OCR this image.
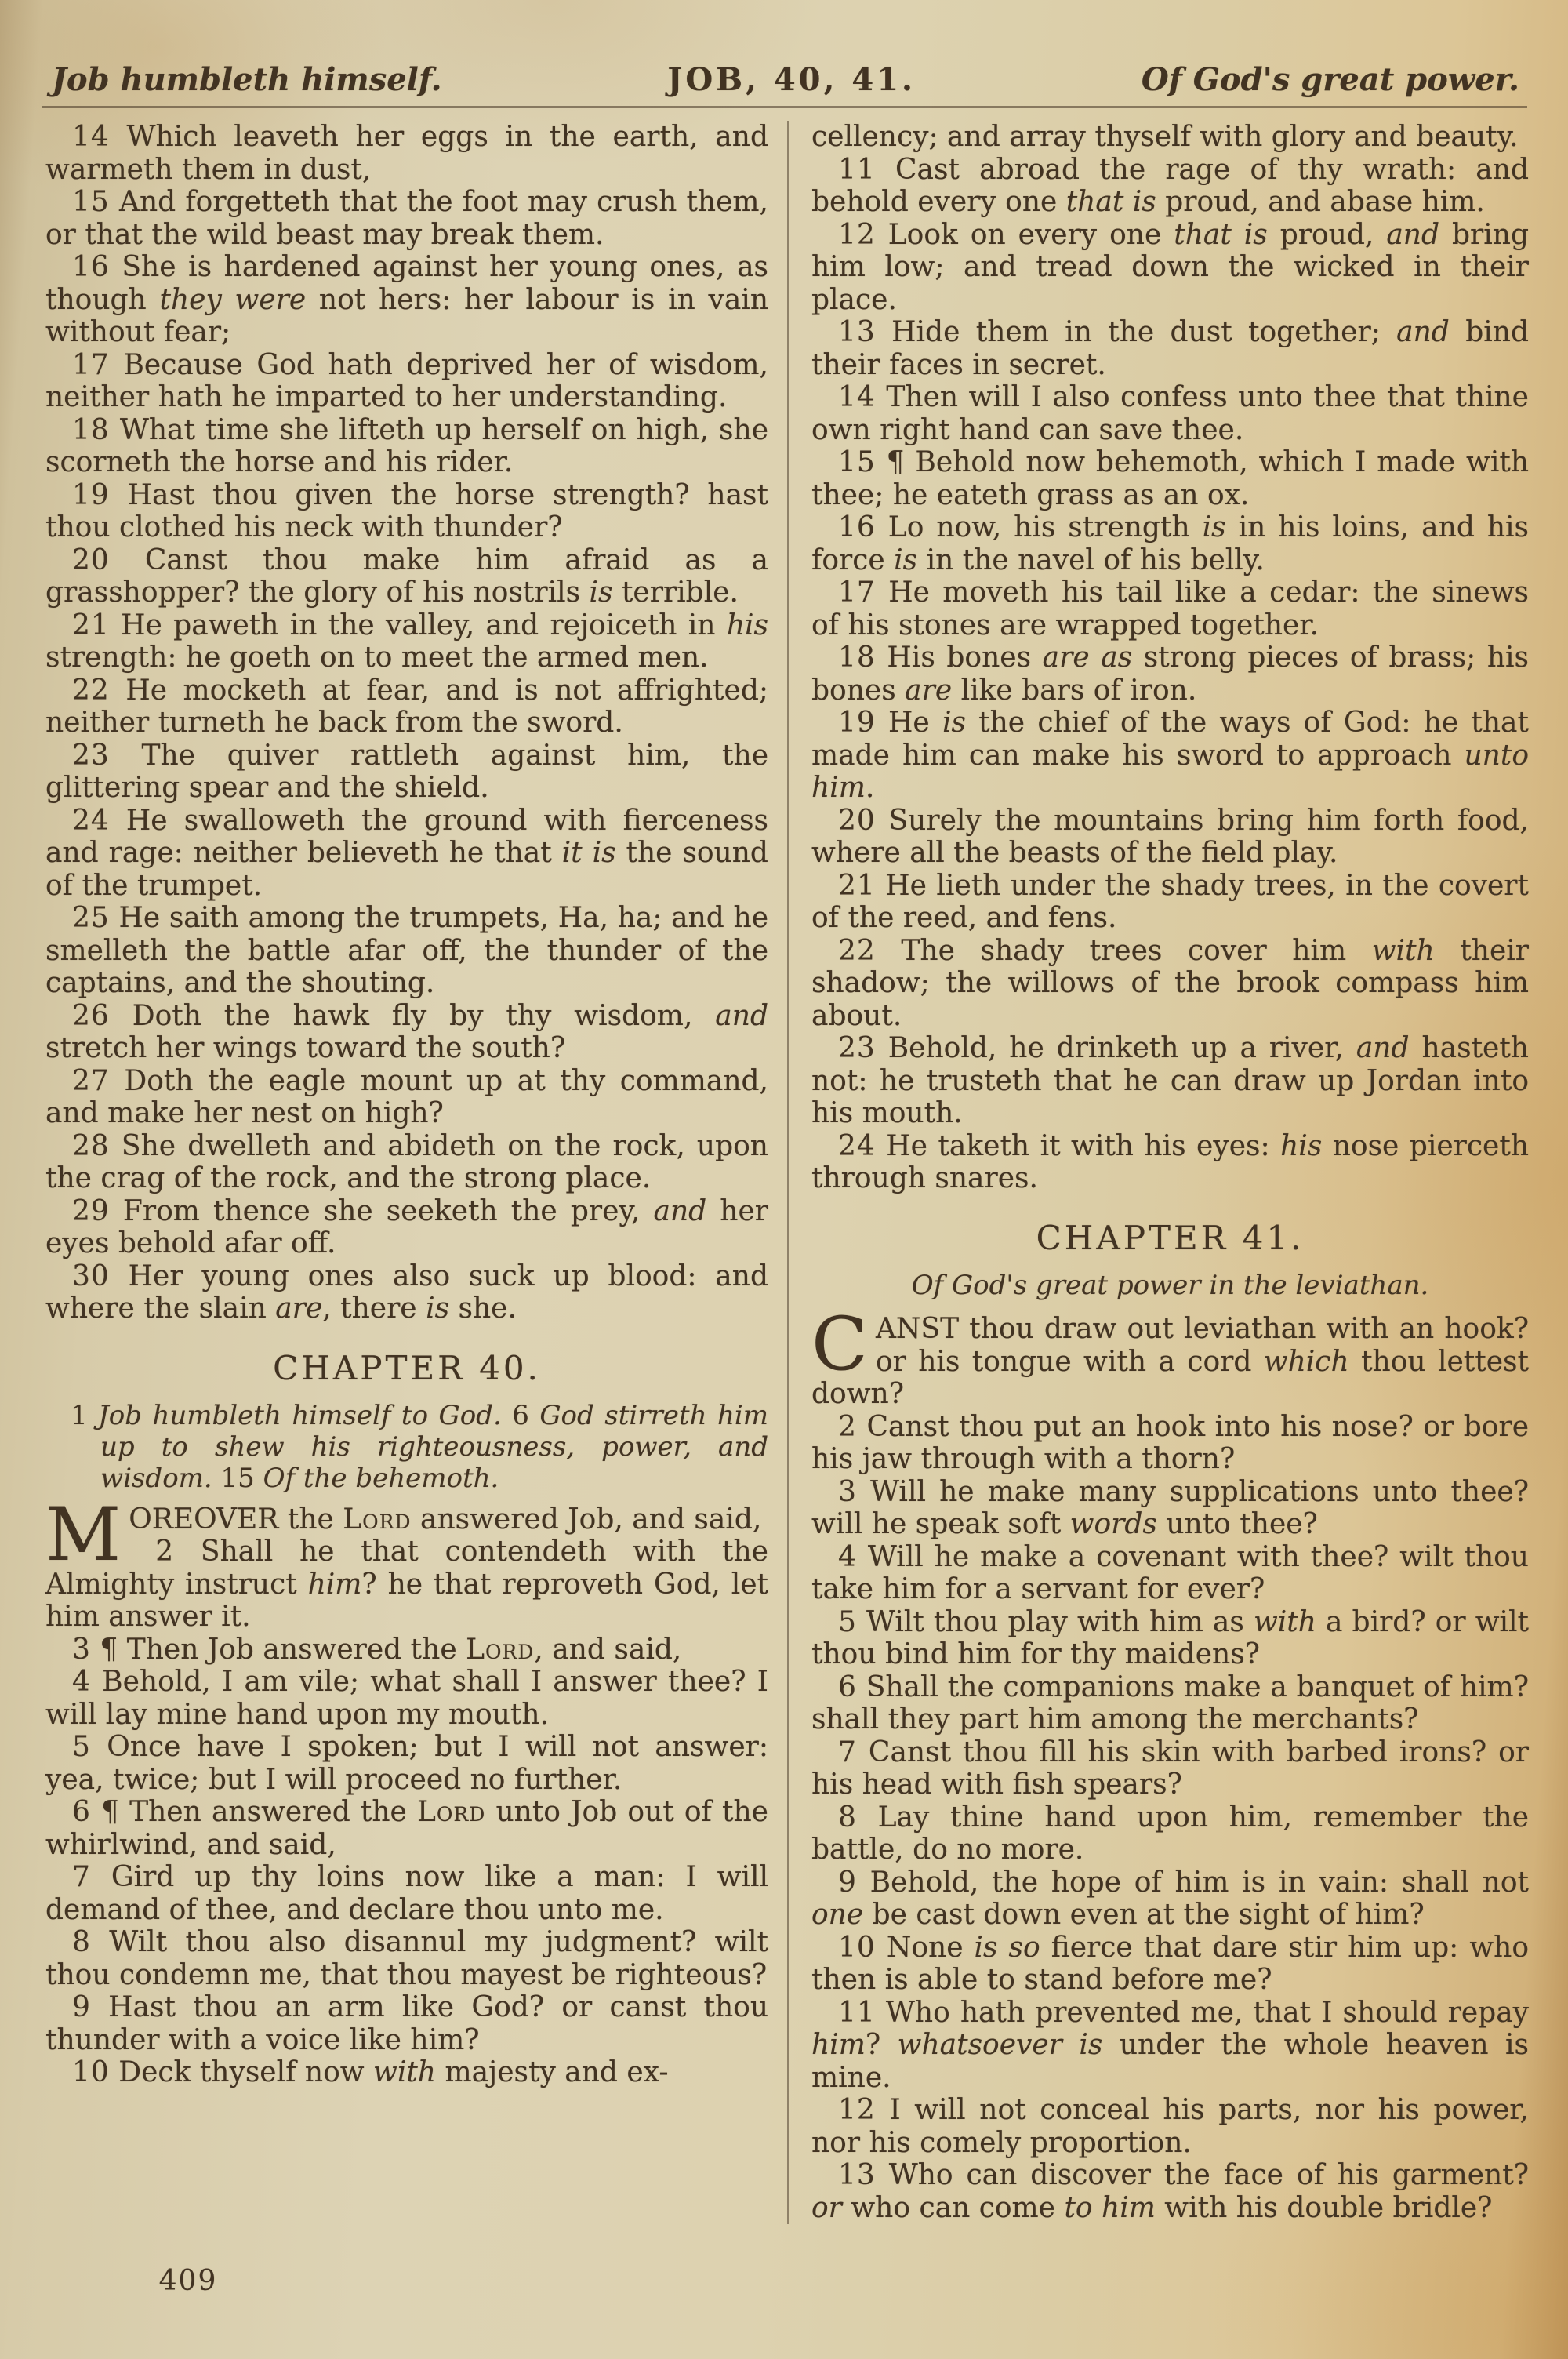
Job humbleth himself.	JOB, 40, 41.	Of God's great power.

14 Which leaveth her eggs in the earth, and warmeth them in dust,

15 And forgetteth that the foot may crush them, or that the wild beast may break them.

16 She is hardened against her young ones, as though they were not hers: her labour is in vain without fear;

17 Because God hath deprived her of wisdom, neither hath he imparted to her understanding.

18 What time she lifteth up herself on high, she scorneth the horse and his rider.

19 Hast thou given the horse strength? hast thou clothed his neck with thunder?

20 Canst thou make him afraid as a grasshopper? the glory of his nostrils is terrible.

21 He paweth in the valley, and rejoiceth in his strength: he goeth on to meet the armed men.

22 He mocketh at fear, and is not affrighted; neither turneth he back from the sword.

23 The quiver rattleth against him, the glittering spear and the shield.

24 He swalloweth the ground with fierceness and rage: neither believeth he that it is the sound of the trumpet.

25 He saith among the trumpets, Ha, ha; and he smelleth the battle afar off, the thunder of the captains, and the shouting.

26 Doth the hawk fly by thy wisdom, and stretch her wings toward the south?

27 Doth the eagle mount up at thy command, and make her nest on high?

28 She dwelleth and abideth on the rock, upon the crag of the rock, and the strong place.

29 From thence she seeketh the prey, and her eyes behold afar off.

30 Her young ones also suck up blood: and where the slain are, there is she.

CHAPTER 40.

1 Job humbleth himself to God. 6 God stirreth him up to shew his righteousness, power, and wisdom. 15 Of the behemoth.

MOREOVER the Lord answered Job, and said,

2 Shall he that contendeth with the Almighty instruct him? he that reproveth God, let him answer it.

3 ¶ Then Job answered the Lord, and said,

4 Behold, I am vile; what shall I answer thee? I will lay mine hand upon my mouth.

5 Once have I spoken; but I will not answer: yea, twice; but I will proceed no further.

6 ¶ Then answered the Lord unto Job out of the whirlwind, and said,

7 Gird up thy loins now like a man: I will demand of thee, and declare thou unto me.

8 Wilt thou also disannul my judgment? wilt thou condemn me, that thou mayest be righteous?

9 Hast thou an arm like God? or canst thou thunder with a voice like him?

10 Deck thyself now with majesty and ex-

cellency; and array thyself with glory and beauty.

11 Cast abroad the rage of thy wrath: and behold every one that is proud, and abase him.

12 Look on every one that is proud, and bring him low; and tread down the wicked in their place.

13 Hide them in the dust together; and bind their faces in secret.

14 Then will I also confess unto thee that thine own right hand can save thee.

15 ¶ Behold now behemoth, which I made with thee; he eateth grass as an ox.

16 Lo now, his strength is in his loins, and his force is in the navel of his belly.

17 He moveth his tail like a cedar: the sinews of his stones are wrapped together.

18 His bones are as strong pieces of brass; his bones are like bars of iron.

19 He is the chief of the ways of God: he that made him can make his sword to approach unto him.

20 Surely the mountains bring him forth food, where all the beasts of the field play.

21 He lieth under the shady trees, in the covert of the reed, and fens.

22 The shady trees cover him with their shadow; the willows of the brook compass him about.

23 Behold, he drinketh up a river, and hasteth not: he trusteth that he can draw up Jordan into his mouth.

24 He taketh it with his eyes: his nose pierceth through snares.

CHAPTER 41.

Of God's great power in the leviathan.

CANST thou draw out leviathan with an hook? or his tongue with a cord which thou lettest down?

2 Canst thou put an hook into his nose? or bore his jaw through with a thorn?

3 Will he make many supplications unto thee? will he speak soft words unto thee?

4 Will he make a covenant with thee? wilt thou take him for a servant for ever?

5 Wilt thou play with him as with a bird? or wilt thou bind him for thy maidens?

6 Shall the companions make a banquet of him? shall they part him among the merchants?

7 Canst thou fill his skin with barbed irons? or his head with fish spears?

8 Lay thine hand upon him, remember the battle, do no more.

9 Behold, the hope of him is in vain: shall not one be cast down even at the sight of him?

10 None is so fierce that dare stir him up: who then is able to stand before me?

11 Who hath prevented me, that I should repay him? whatsoever is under the whole heaven is mine.

12 I will not conceal his parts, nor his power, nor his comely proportion.

13 Who can discover the face of his garment? or who can come to him with his double bridle?

409
